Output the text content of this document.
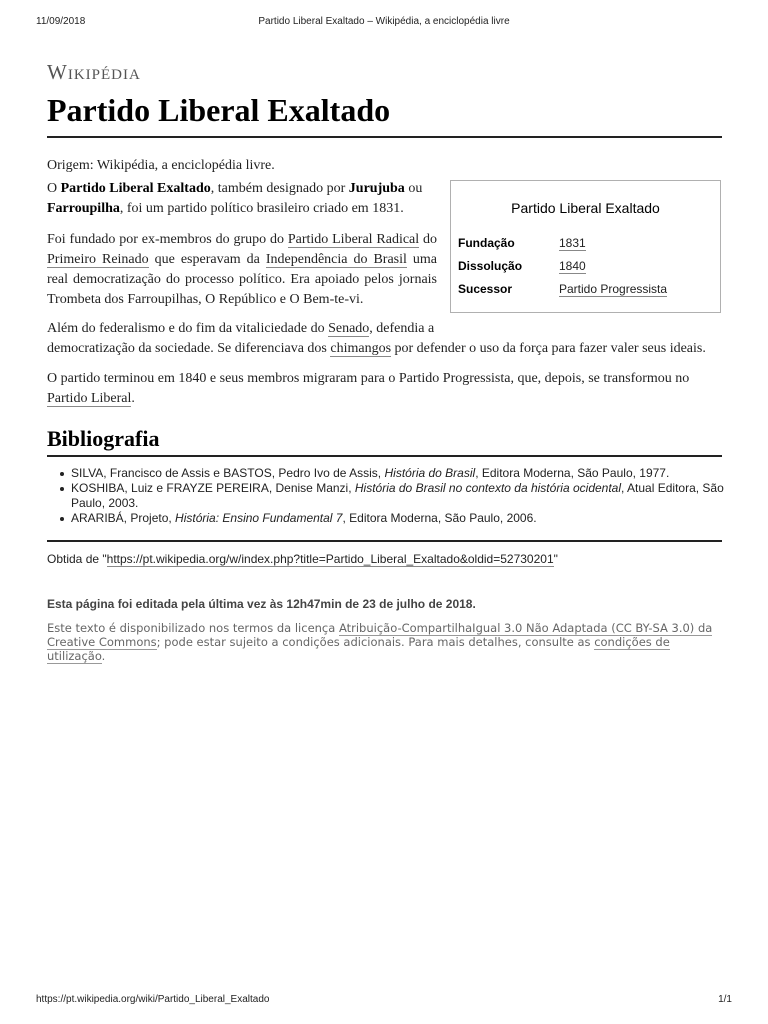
11/09/2018	Partido Liberal Exaltado – Wikipédia, a enciclopédia livre
Wikipédia
Partido Liberal Exaltado
Origem: Wikipédia, a enciclopédia livre.
O Partido Liberal Exaltado, também designado por Jurujuba ou Farroupilha, foi um partido político brasileiro criado em 1831.
Foi fundado por ex-membros do grupo do Partido Liberal Radical do Primeiro Reinado que esperavam da Independência do Brasil uma real democratização do processo político. Era apoiado pelos jornais Trombeta dos Farroupilhas, O Repúblico e O Bem-te-vi.
Além do federalismo e do fim da vitaliciedade do Senado, defendia a
democratização da sociedade. Se diferenciava dos chimangos por defender o uso da força para fazer valer seus ideais.
O partido terminou em 1840 e seus membros migraram para o Partido Progressista, que, depois, se transformou no Partido Liberal.
Partido Liberal Exaltado
Fundação	1831
Dissolução	1840
Sucessor	Partido Progressista
Bibliografia
SILVA, Francisco de Assis e BASTOS, Pedro Ivo de Assis, História do Brasil, Editora Moderna, São Paulo, 1977.
KOSHIBA, Luiz e FRAYZE PEREIRA, Denise Manzi, História do Brasil no contexto da história ocidental, Atual Editora, São Paulo, 2003.
ARARIBÁ, Projeto, História: Ensino Fundamental 7, Editora Moderna, São Paulo, 2006.
Obtida de "https://pt.wikipedia.org/w/index.php?title=Partido_Liberal_Exaltado&oldid=52730201"
Esta página foi editada pela última vez às 12h47min de 23 de julho de 2018.
Este texto é disponibilizado nos termos da licença Atribuição-CompartilhaIgual 3.0 Não Adaptada (CC BY-SA 3.0) da Creative Commons; pode estar sujeito a condições adicionais. Para mais detalhes, consulte as condições de utilização.
https://pt.wikipedia.org/wiki/Partido_Liberal_Exaltado	1/1
